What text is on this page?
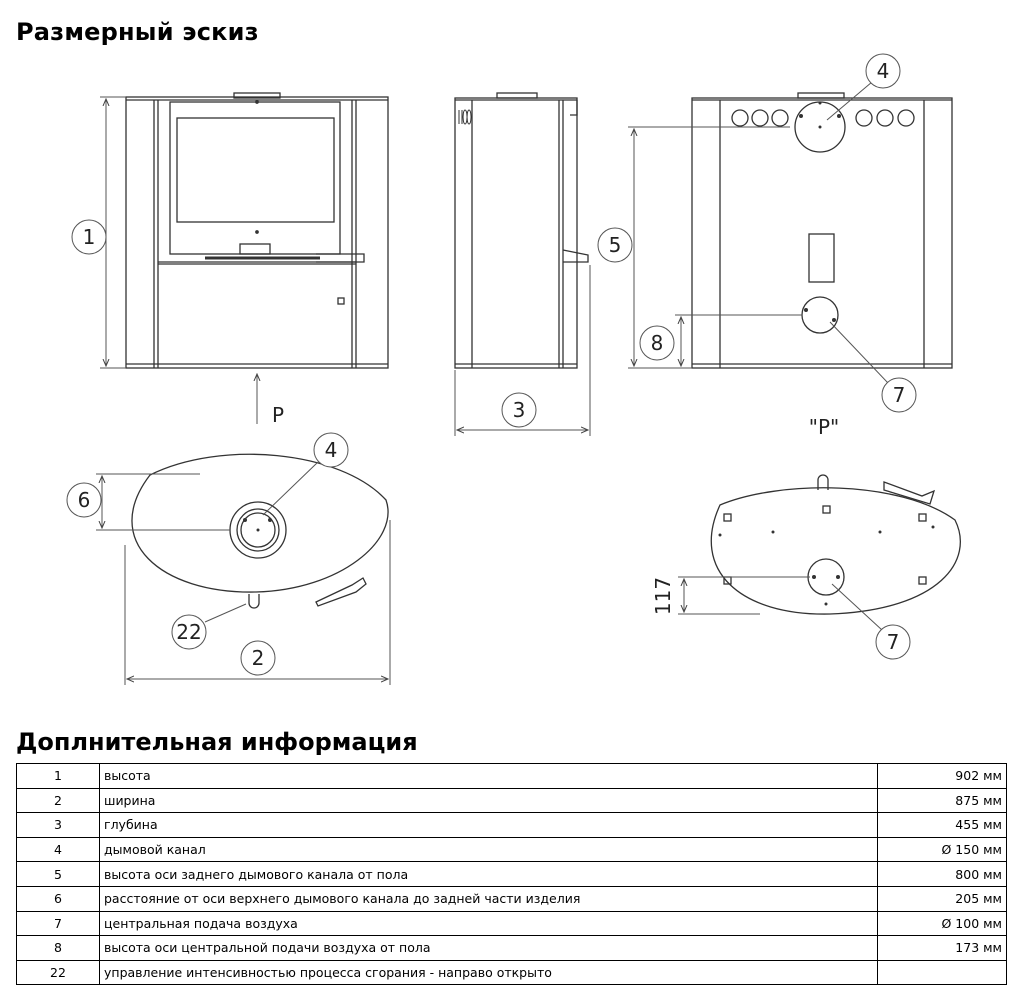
Размерный эскиз
1
P	3
5
8
4
7
"P"
6
4
22
2
117
7
Доплнительная информация
1	высота	902 мм
2	ширина	875 мм
3	глубина	455 мм
4	дымовой канал	Ø 150 мм
5	высота оси заднего дымового канала от пола	800 мм
6	расстояние от оси верхнего дымового канала до задней части изделия	205 мм
7	центральная подача воздуха	Ø 100 мм
8	высота оси центральной подачи воздуха от пола	173 мм
22	управление интенсивностью процесса сгорания - направо открыто	
